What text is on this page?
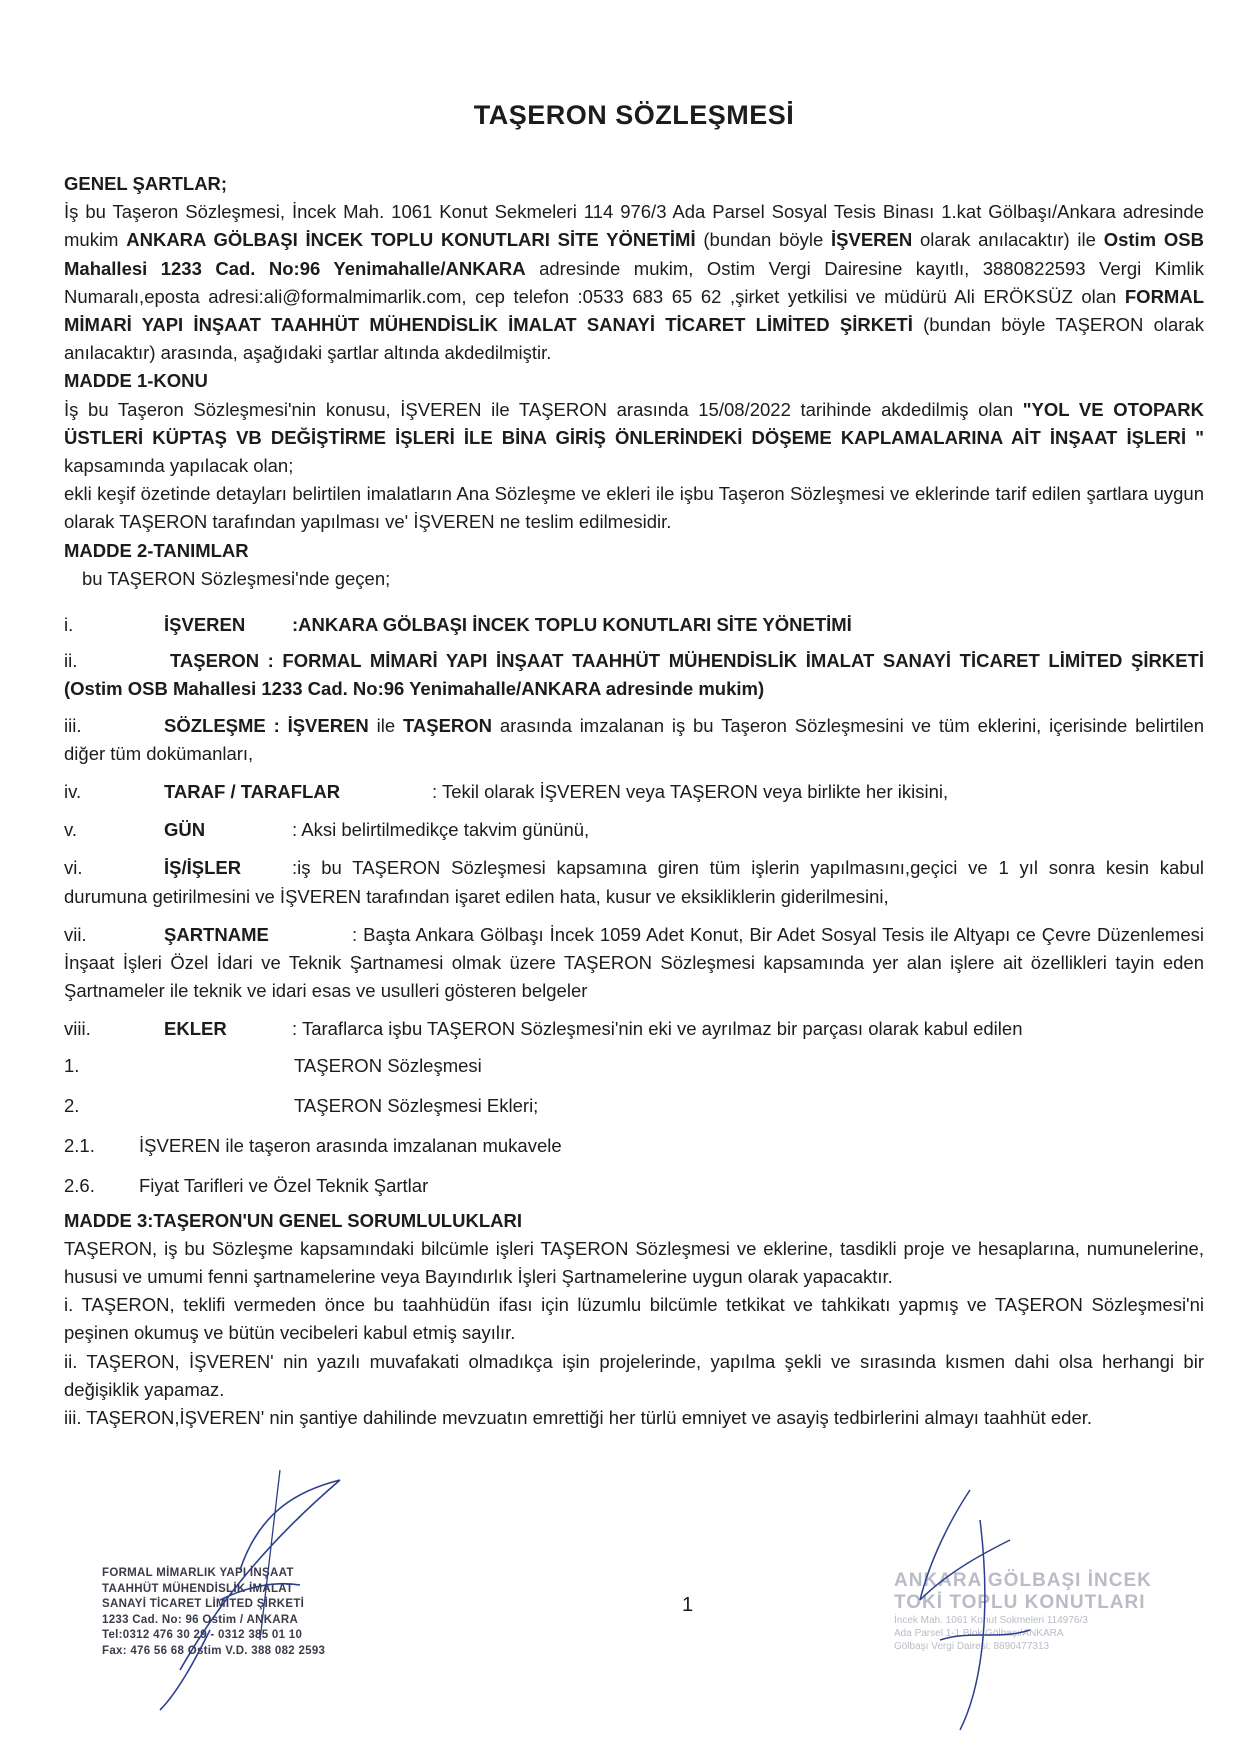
TAŞERON SÖZLEŞMESİ

GENEL ŞARTLAR;

İş bu Taşeron Sözleşmesi, İncek Mah. 1061 Konut Sekmeleri 114 976/3 Ada Parsel Sosyal Tesis Binası 1.kat Gölbaşı/Ankara adresinde mukim ANKARA GÖLBAŞI İNCEK TOPLU KONUTLARI SİTE YÖNETİMİ (bundan böyle İŞVEREN olarak anılacaktır) ile Ostim OSB Mahallesi 1233 Cad. No:96 Yenimahalle/ANKARA adresinde mukim, Ostim Vergi Dairesine kayıtlı, 3880822593 Vergi Kimlik Numaralı,eposta adresi:ali@formalmimarlik.com, cep telefon :0533 683 65 62 ,şirket yetkilisi ve müdürü Ali ERÖKSÜZ olan FORMAL MİMARİ YAPI İNŞAAT TAAHHÜT MÜHENDİSLİK İMALAT SANAYİ TİCARET LİMİTED ŞİRKETİ (bundan böyle TAŞERON olarak anılacaktır) arasında, aşağıdaki şartlar altında akdedilmiştir.

MADDE 1-KONU

İş bu Taşeron Sözleşmesi'nin konusu, İŞVEREN ile TAŞERON arasında 15/08/2022 tarihinde akdedilmiş olan "YOL VE OTOPARK ÜSTLERİ KÜPTAŞ VB DEĞİŞTİRME İŞLERİ İLE BİNA GİRİŞ ÖNLERİNDEKİ DÖŞEME KAPLAMALARINA AİT İNŞAAT İŞLERİ " kapsamında yapılacak olan;

ekli keşif özetinde detayları belirtilen imalatların Ana Sözleşme ve ekleri ile işbu Taşeron Sözleşmesi ve eklerinde tarif edilen şartlara uygun olarak TAŞERON tarafından yapılması ve' İŞVEREN ne teslim edilmesidir.

MADDE 2-TANIMLAR

bu TAŞERON Sözleşmesi'nde geçen;

i.	İŞVEREN	:ANKARA GÖLBAŞI İNCEK TOPLU KONUTLARI SİTE YÖNETİMİ

ii.	TAŞERON : FORMAL MİMARİ YAPI İNŞAAT TAAHHÜT MÜHENDİSLİK İMALAT SANAYİ TİCARET LİMİTED ŞİRKETİ (Ostim OSB Mahallesi 1233 Cad. No:96 Yenimahalle/ANKARA adresinde mukim)

iii.	SÖZLEŞME : İŞVEREN ile TAŞERON arasında imzalanan iş bu Taşeron Sözleşmesini ve tüm eklerini, içerisinde belirtilen diğer tüm dokümanları,

iv.	TARAF / TARAFLAR	: Tekil olarak İŞVEREN veya TAŞERON veya birlikte her ikisini,

v.	GÜN	: Aksi belirtilmedikçe takvim gününü,

vi.	İŞ/İŞLER	:iş bu TAŞERON Sözleşmesi kapsamına giren tüm işlerin yapılmasını,geçici ve 1 yıl sonra kesin kabul durumuna getirilmesini ve İŞVEREN tarafından işaret edilen hata, kusur ve eksikliklerin giderilmesini,

vii.	ŞARTNAME	: Başta Ankara Gölbaşı İncek 1059 Adet Konut, Bir Adet Sosyal Tesis ile Altyapı ce Çevre Düzenlemesi İnşaat İşleri Özel İdari ve Teknik Şartnamesi olmak üzere TAŞERON Sözleşmesi kapsamında yer alan işlere ait özellikleri tayin eden Şartnameler ile teknik ve idari esas ve usulleri gösteren belgeler

viii.	EKLER	: Taraflarca işbu TAŞERON Sözleşmesi'nin eki ve ayrılmaz bir parçası olarak kabul edilen

1.	TAŞERON Sözleşmesi
2.	TAŞERON Sözleşmesi Ekleri;
2.1.	İŞVEREN ile taşeron arasında imzalanan mukavele
2.6.	Fiyat Tarifleri ve Özel Teknik Şartlar

MADDE 3:TAŞERON'UN GENEL SORUMLULUKLARI

TAŞERON, iş bu Sözleşme kapsamındaki bilcümle işleri TAŞERON Sözleşmesi ve eklerine, tasdikli proje ve hesaplarına, numunelerine, hususi ve umumi fenni şartnamelerine veya Bayındırlık İşleri Şartnamelerine uygun olarak yapacaktır.

i. TAŞERON, teklifi vermeden önce bu taahhüdün ifası için lüzumlu bilcümle tetkikat ve tahkikatı yapmış ve TAŞERON Sözleşmesi'ni peşinen okumuş ve bütün vecibeleri kabul etmiş sayılır.

ii. TAŞERON, İŞVEREN' nin yazılı muvafakati olmadıkça işin projelerinde, yapılma şekli ve sırasında kısmen dahi olsa herhangi bir değişiklik yapamaz.

iii. TAŞERON,İŞVEREN' nin şantiye dahilinde mevzuatın emrettiği her türlü emniyet ve asayiş tedbirlerini almayı taahhüt eder.

FORMAL MİMARLIK YAPI İNŞAAT
TAAHHÜT MÜHENDİSLİK İMALAT
SANAYİ TİCARET LİMİTED ŞİRKETİ
1233 Cad. No: 96 Ostim / ANKARA
Tel:0312 476 30 29 - 0312 385 01 10
Fax: 476 56 68 Ostim V.D. 388 082 2593
1
ANKARA GÖLBAŞI İNCEK
TOKİ TOPLU KONUTLARI
İncek Mah. 1061 Konut Sokmeleri 114976/3
Ada Parsel 1-1 Blok Gölbaşı/ANKARA
Gölbaşı Vergi Dairesi: 8890477313
